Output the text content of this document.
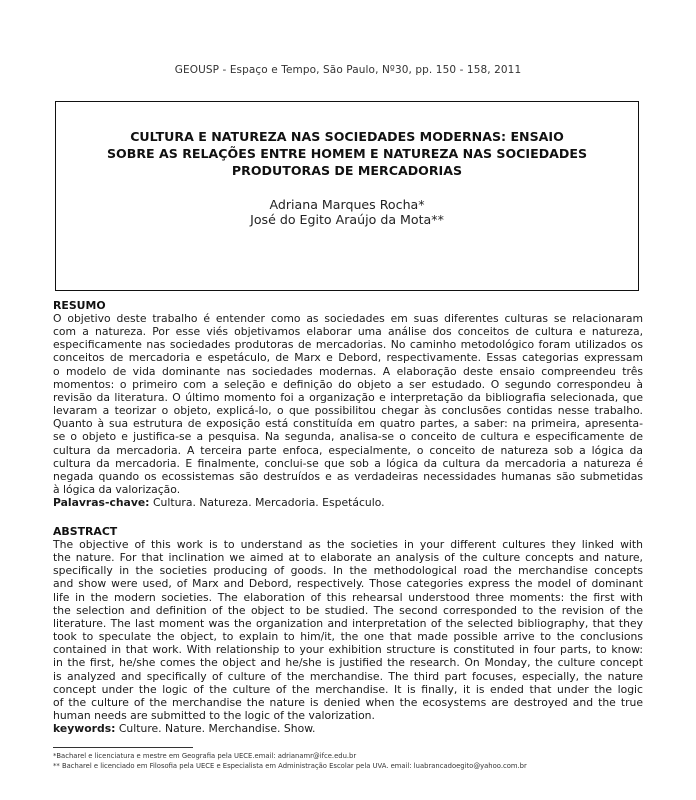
GEOUSP - Espaço e Tempo, São Paulo, Nº30, pp. 150 - 158, 2011
CULTURA E NATUREZA NAS SOCIEDADES MODERNAS: ENSAIO
SOBRE AS RELAÇÕES ENTRE HOMEM E NATUREZA NAS SOCIEDADES
PRODUTORAS DE MERCADORIAS
Adriana Marques Rocha*
José do Egito Araújo da Mota**
RESUMO
O objetivo deste trabalho é entender como as sociedades em suas diferentes culturas se relacionaram
com a natureza. Por esse viés objetivamos elaborar uma análise dos conceitos de cultura e natureza,
especificamente nas sociedades produtoras de mercadorias. No caminho metodológico foram utilizados os
conceitos de mercadoria e espetáculo, de Marx e Debord, respectivamente. Essas categorias expressam
o modelo de vida dominante nas sociedades modernas. A elaboração deste ensaio compreendeu três
momentos: o primeiro com a seleção e definição do objeto a ser estudado. O segundo correspondeu à
revisão da literatura. O último momento foi a organização e interpretação da bibliografia selecionada, que
levaram a teorizar o objeto, explicá-lo, o que possibilitou chegar às conclusões contidas nesse trabalho.
Quanto à sua estrutura de exposição está constituída em quatro partes, a saber: na primeira, apresenta-
se o objeto e justifica-se a pesquisa. Na segunda, analisa-se o conceito de cultura e especificamente de
cultura da mercadoria. A terceira parte enfoca, especialmente, o conceito de natureza sob a lógica da
cultura da mercadoria. E finalmente, conclui-se que sob a lógica da cultura da mercadoria a natureza é
negada quando os ecossistemas são destruídos e as verdadeiras necessidades humanas são submetidas
à lógica da valorização.
Palavras-chave: Cultura. Natureza. Mercadoria. Espetáculo.
ABSTRACT
The objective of this work is to understand as the societies in your different cultures they linked with
the nature. For that inclination we aimed at to elaborate an analysis of the culture concepts and nature,
specifically in the societies producing of goods. In the methodological road the merchandise concepts
and show were used, of Marx and Debord, respectively. Those categories express the model of dominant
life in the modern societies. The elaboration of this rehearsal understood three moments: the first with
the selection and definition of the object to be studied. The second corresponded to the revision of the
literature. The last moment was the organization and interpretation of the selected bibliography, that they
took to speculate the object, to explain to him/it, the one that made possible arrive to the conclusions
contained in that work. With relationship to your exhibition structure is constituted in four parts, to know:
in the first, he/she comes the object and he/she is justified the research. On Monday, the culture concept
is analyzed and specifically of culture of the merchandise. The third part focuses, especially, the nature
concept under the logic of the culture of the merchandise. It is finally, it is ended that under the logic
of the culture of the merchandise the nature is denied when the ecosystems are destroyed and the true
human needs are submitted to the logic of the valorization.
keywords: Culture. Nature. Merchandise. Show.
*Bacharel e licenciatura e mestre em Geografia pela UECE.email: adrianamr@ifce.edu.br
** Bacharel e licenciado em Filosofia pela UECE e Especialista em Administração Escolar pela UVA. email: luabrancadoegito@yahoo.com.br
